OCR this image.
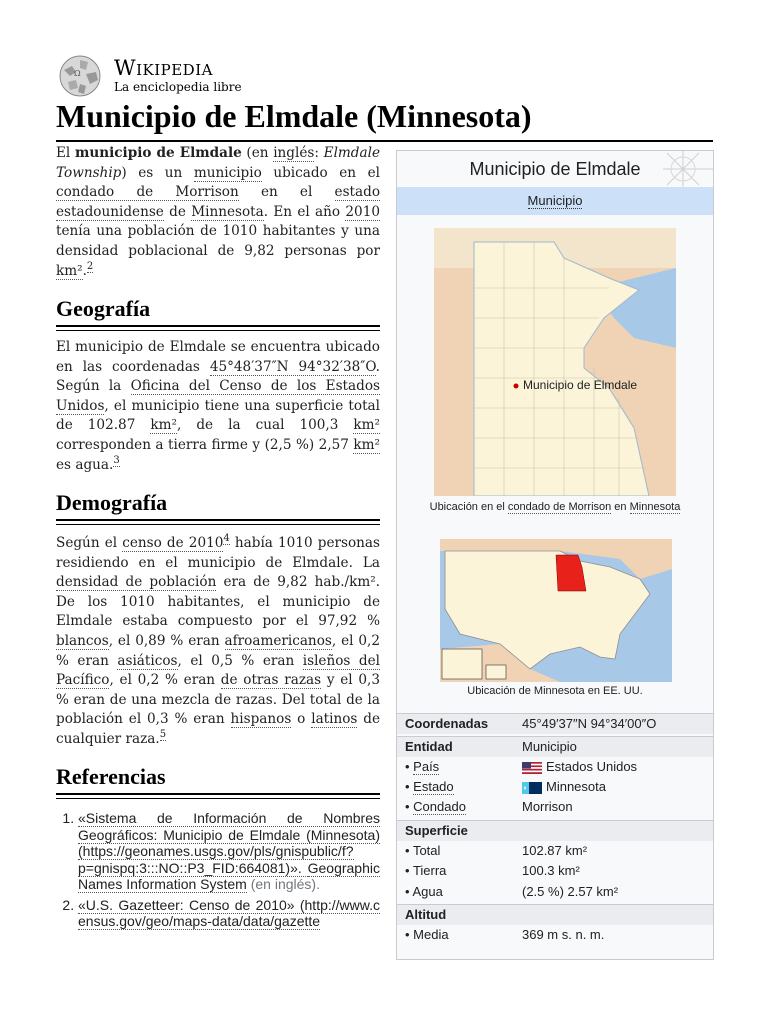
Ω Wikipedia
La enciclopedia libre
Municipio de Elmdale (Minnesota)

El municipio de Elmdale (en inglés: Elmdale Township) es un municipio ubicado en el condado de Morrison en el estado estadounidense de Minnesota. En el año 2010 tenía una población de 1010 habitantes y una densidad poblacional de 9,82 personas por km².$^2$

Geografía

El municipio de Elmdale se encuentra ubicado en las coordenadas 45°48′37″N 94°32′38″O. Según la Oficina del Censo de los Estados Unidos, el municipio tiene una superficie total de 102.87 km², de la cual 100,3 km² corresponden a tierra firme y (2,5 %) 2,57 km² es agua.$^3$

Demografía

Según el censo de 2010$^4$ había 1010 personas residiendo en el municipio de Elmdale. La densidad de población era de 9,82 hab./km². De los 1010 habitantes, el municipio de Elmdale estaba compuesto por el 97,92 % blancos, el 0,89 % eran afroamericanos, el 0,2 % eran asiáticos, el 0,5 % eran isleños del Pacífico, el 0,2 % eran de otras razas y el 0,3 % eran de una mezcla de razas. Del total de la población el 0,3 % eran hispanos o latinos de cualquier raza.$^5$

Referencias
1. «Sistema de Información de Nombres Geográficos: Municipio de Elmdale (Minnesota) (https://geonames.usgs.gov/pls/gnispublic/f?p=gnispq:3:::NO::P3_FID:664081)». Geographic Names Information System (en inglés).
2. «U.S. Gazetteer: Censo de 2010» (http://www.census.gov/geo/maps-data/data/gazette
Municipio de Elmdale
Municipio
Municipio de Elmdale
Ubicación en el condado de Morrison en Minnesota
Ubicación de Minnesota en EE. UU.
Coordenadas	45°49′37″N 94°34′00″O
Entidad	Municipio
• País	Estados Unidos
• Estado	Minnesota
• Condado	Morrison
Superficie
• Total	102.87 km²
• Tierra	100.3 km²
• Agua	(2.5 %) 2.57 km²
Altitud
• Media	369 m s. n. m.
